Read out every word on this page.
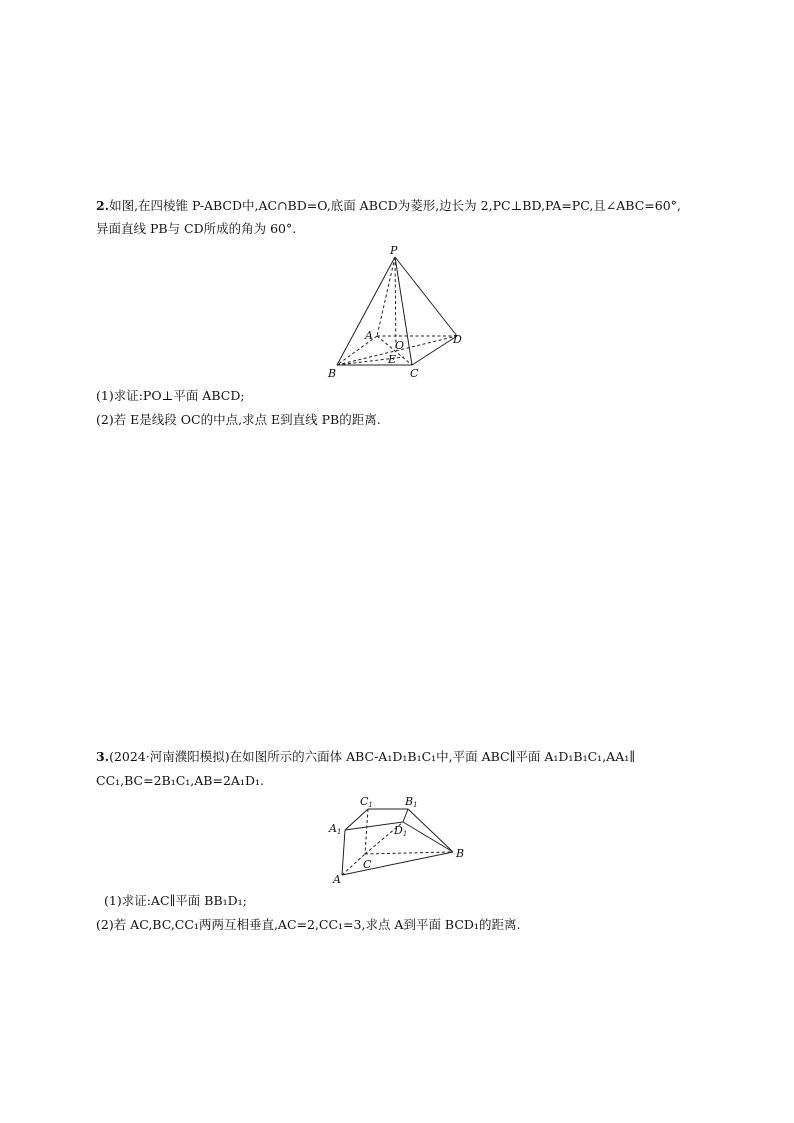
2.如图,在四棱锥 P-ABCD中,AC∩BD=O,底面 ABCD为菱形,边长为 2,PC⊥BD,PA=PC,且∠ABC=60°,
异面直线 PB与 CD所成的角为 60°.
P
A
B	C
D
O
E
(1)求证:PO⊥平面 ABCD;
(2)若 E是线段 OC的中点,求点 E到直线 PB的距离.
3.(2024·河南濮阳模拟)在如图所示的六面体 ABC-A₁D₁B₁C₁中,平面 ABC∥平面 A₁D₁B₁C₁,AA₁∥
CC₁,BC=2B₁C₁,AB=2A₁D₁.
C1	B1
A1	D1
C
B
A
(1)求证:AC∥平面 BB₁D₁;
(2)若 AC,BC,CC₁两两互相垂直,AC=2,CC₁=3,求点 A到平面 BCD₁的距离.
